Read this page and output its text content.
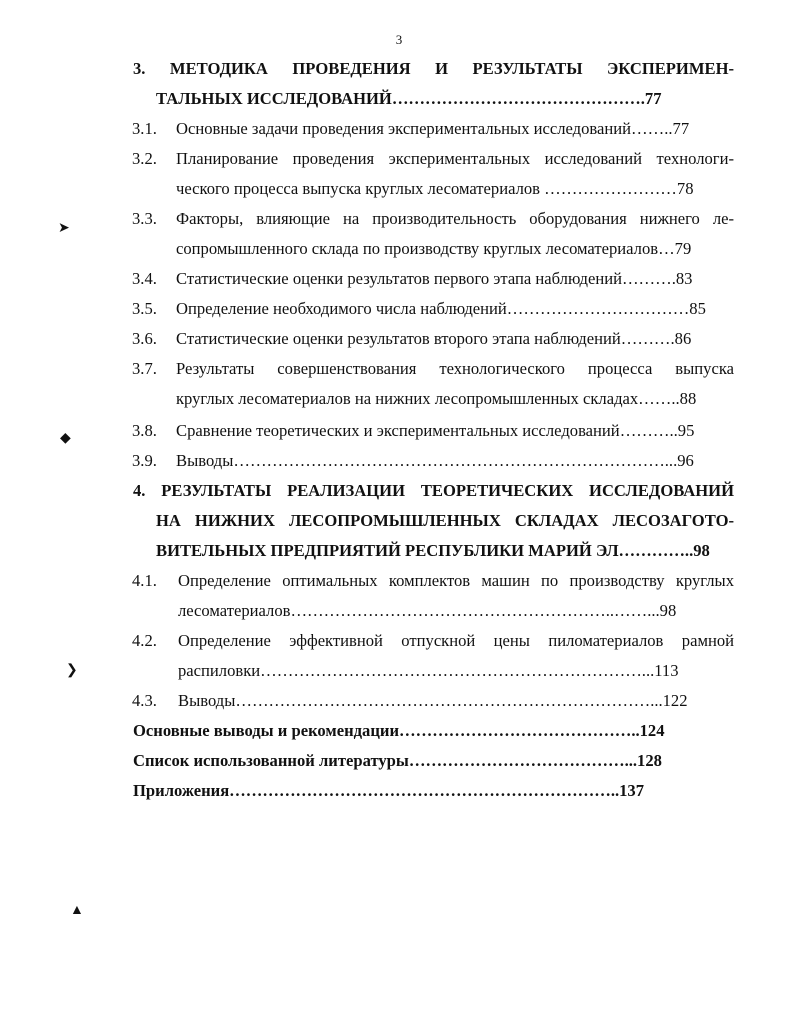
3
3. МЕТОДИКА ПРОВЕДЕНИЯ И РЕЗУЛЬТАТЫ ЭКСПЕРИМЕН-
ТАЛЬНЫХ ИССЛЕДОВАНИЙ……………………………………….77
3.1. Основные задачи проведения экспериментальных исследований……..77
3.2. Планирование проведения экспериментальных исследований технологи-
ческого процесса выпуска круглых лесоматериалов ……………………78
3.3. Факторы, влияющие на производительность оборудования нижнего ле-
сопромышленного склада по производству круглых лесоматериалов…79
3.4. Статистические оценки результатов первого этапа наблюдений……….83
3.5. Определение необходимого числа наблюдений……………………………85
3.6. Статистические оценки результатов второго этапа наблюдений……….86
3.7. Результаты совершенствования технологического процесса выпуска
круглых лесоматериалов на нижних лесопромышленных складах……..88
3.8. Сравнение теоретических и экспериментальных исследований………..95
3.9. Выводы……………………………………………………………………...96
4. РЕЗУЛЬТАТЫ РЕАЛИЗАЦИИ ТЕОРЕТИЧЕСКИХ ИССЛЕДОВАНИЙ
НА НИЖНИХ ЛЕСОПРОМЫШЛЕННЫХ СКЛАДАХ ЛЕСОЗАГОТО-
ВИТЕЛЬНЫХ ПРЕДПРИЯТИЙ РЕСПУБЛИКИ МАРИЙ ЭЛ…………..98
4.1. Определение оптимальных комплектов машин по производству круглых
лесоматериалов…………………………………………………..……...98
4.2. Определение эффективной отпускной цены пиломатериалов рамной
распиловки……………………………………………………………...113
4.3. Выводы…………………………………………………………………...122
Основные выводы и рекомендации……………………………………..124
Список использованной литературы…………………………………...128
Приложения……………………………………………………………..137
➤
◆
❯
▲
